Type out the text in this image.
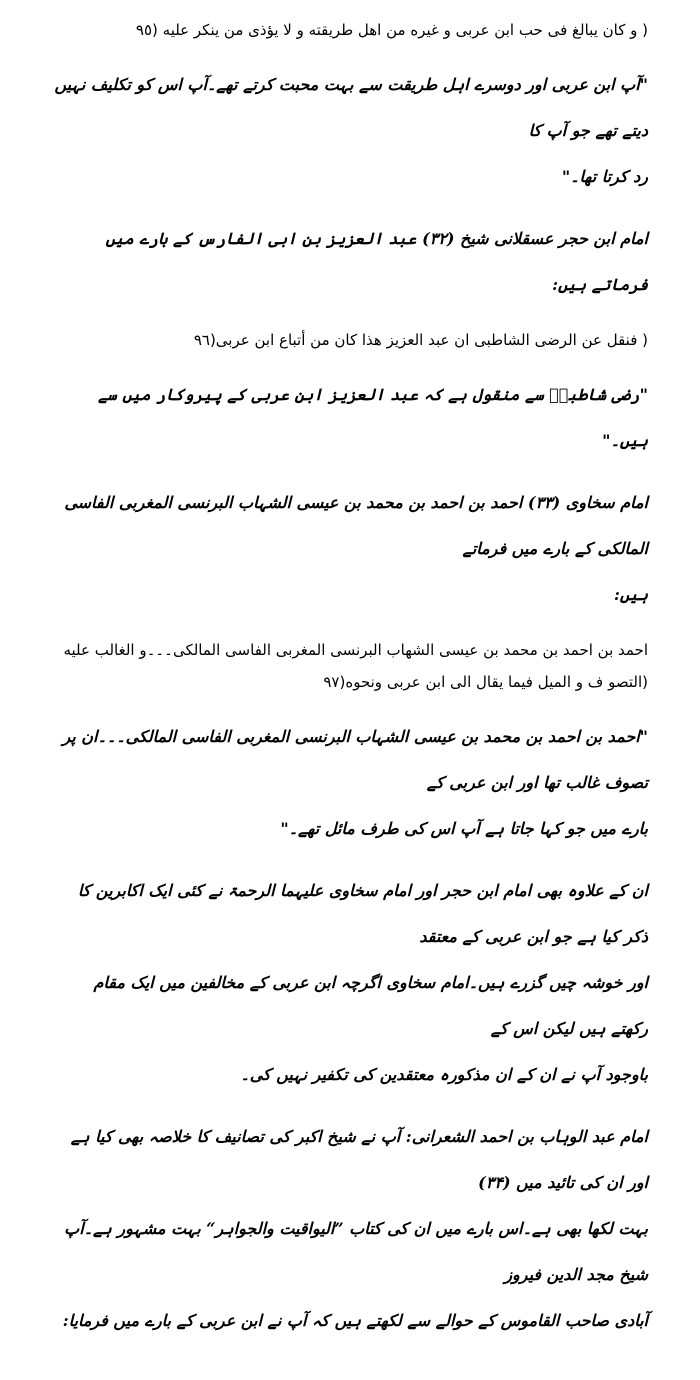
( و كان يبالغ فى حب ابن عربى و غيره من اهل طريقته و لا يؤذى من ينكر عليه (٩٥
"آپ ابن عربی اور دوسرے اہل طریقت سے بہت محبت کرتے تھے۔آپ اس کو تکلیف نہیں دیتے تھے جو آپ کا
رد کرتا تھا۔"
امام ابن حجر عسقلانی شیخ (۳۲) عبد العزیز بن ابی الفارس کے بارے میں فرماتے ہیں:
( فنقل عن الرضى الشاطبى ان عبد العزيز هذا كان من أتباع ابن عربى(٩٦
"رضی شاطبیؒ سے منقول ہے کہ عبد العزیز ابن عربی کے پیروکار میں سے ہیں۔"
امام سخاوی (۳۳) احمد بن احمد بن محمد بن عیسی الشہاب البرنسی المغربی الفاسی المالکی کے بارے میں فرماتے
ہیں:
احمد بن احمد بن محمد بن عيسى الشهاب البرنسى المغربى الفاسى المالكى۔۔۔و الغالب عليه
(التصو ف و الميل فيما يقال الى ابن عربى ونحوه(٩٧
"احمد بن احمد بن محمد بن عیسی الشہاب البرنسی المغربی الفاسی المالکی۔۔۔ان پر تصوف غالب تھا اور ابن عربی کے
بارے میں جو کہا جاتا ہے آپ اس کی طرف مائل تھے۔"
ان کے علاوہ بھی امام ابن حجر اور امام سخاوی علیہما الرحمۃ نے کئی ایک اکابرین کا ذکر کیا ہے جو ابن عربی کے معتقد
اور خوشہ چیں گزرے ہیں۔امام سخاوی اگرچہ ابن عربی کے مخالفین میں ایک مقام رکھتے ہیں لیکن اس کے
باوجود آپ نے ان کے ان مذکورہ معتقدین کی تکفیر نہیں کی۔
امام عبد الوہاب بن احمد الشعرانی: آپ نے شیخ اکبر کی تصانیف کا خلاصہ بھی کیا ہے اور ان کی تائید میں (۳۴)
بہت لکھا بھی ہے۔اس بارے میں ان کی کتاب ”الیواقیت والجواہر“ بہت مشہور ہے۔آپ شیخ مجد الدین فیروز
آبادی صاحب القاموس کے حوالے سے لکھتے ہیں کہ آپ نے ابن عربی کے بارے میں فرمایا:
